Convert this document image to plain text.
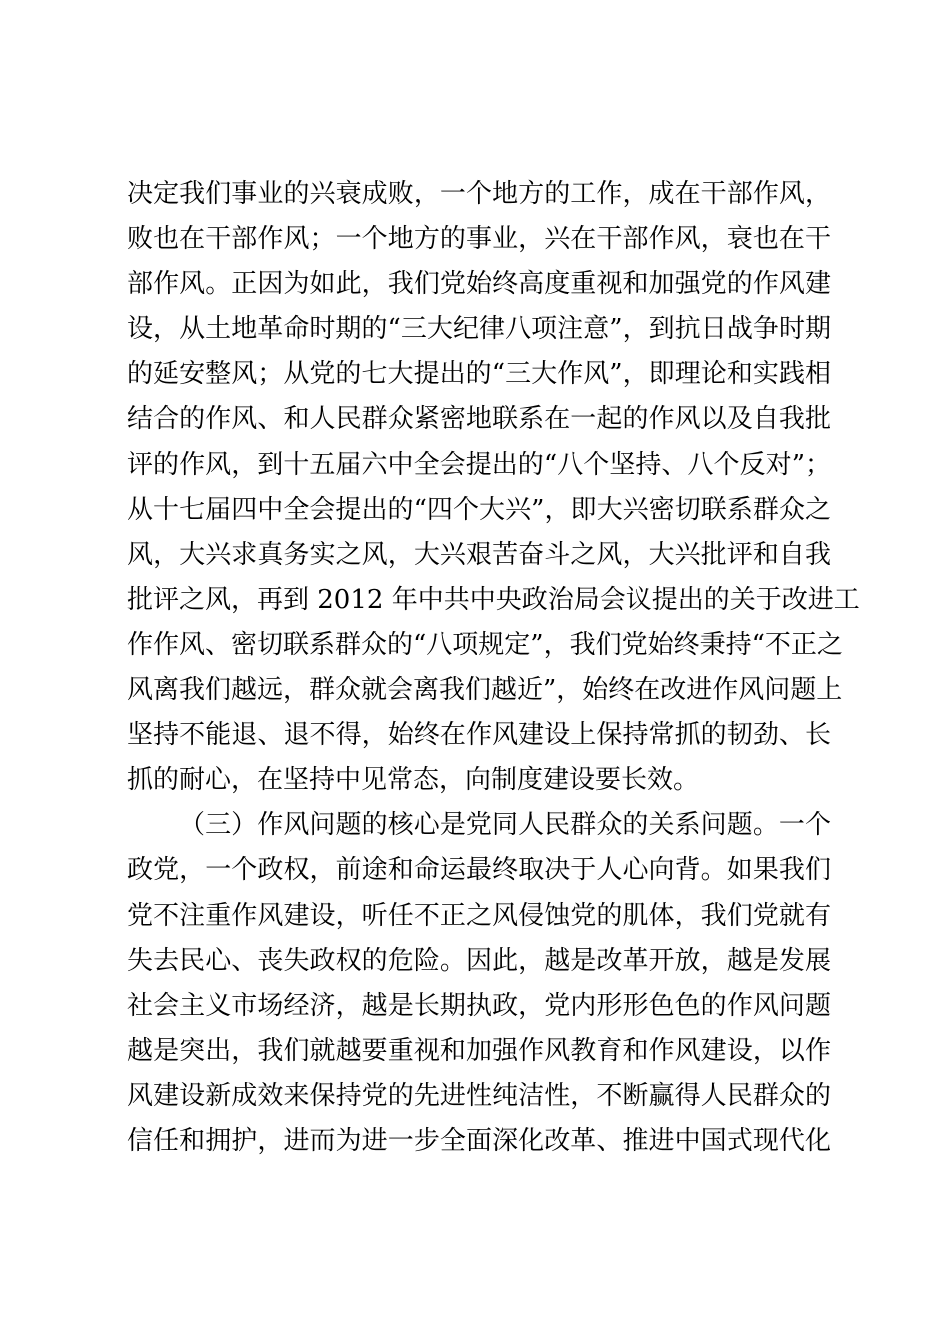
决定我们事业的兴衰成败，一个地方的工作，成在干部作风，
败也在干部作风；一个地方的事业，兴在干部作风，衰也在干
部作风。正因为如此，我们党始终高度重视和加强党的作风建
设，从土地革命时期的“三大纪律八项注意”，到抗日战争时期
的延安整风；从党的七大提出的“三大作风”，即理论和实践相
结合的作风、和人民群众紧密地联系在一起的作风以及自我批
评的作风，到十五届六中全会提出的“八个坚持、八个反对”；
从十七届四中全会提出的“四个大兴”，即大兴密切联系群众之
风，大兴求真务实之风，大兴艰苦奋斗之风，大兴批评和自我
批评之风，再到 2012 年中共中央政治局会议提出的关于改进工
作作风、密切联系群众的“八项规定”，我们党始终秉持“不正之
风离我们越远，群众就会离我们越近”，始终在改进作风问题上
坚持不能退、退不得，始终在作风建设上保持常抓的韧劲、长
抓的耐心，在坚持中见常态，向制度建设要长效。
（三）作风问题的核心是党同人民群众的关系问题。一个
政党，一个政权，前途和命运最终取决于人心向背。如果我们
党不注重作风建设，听任不正之风侵蚀党的肌体，我们党就有
失去民心、丧失政权的危险。因此，越是改革开放，越是发展
社会主义市场经济，越是长期执政，党内形形色色的作风问题
越是突出，我们就越要重视和加强作风教育和作风建设，以作
风建设新成效来保持党的先进性纯洁性，不断赢得人民群众的
信任和拥护，进而为进一步全面深化改革、推进中国式现代化
